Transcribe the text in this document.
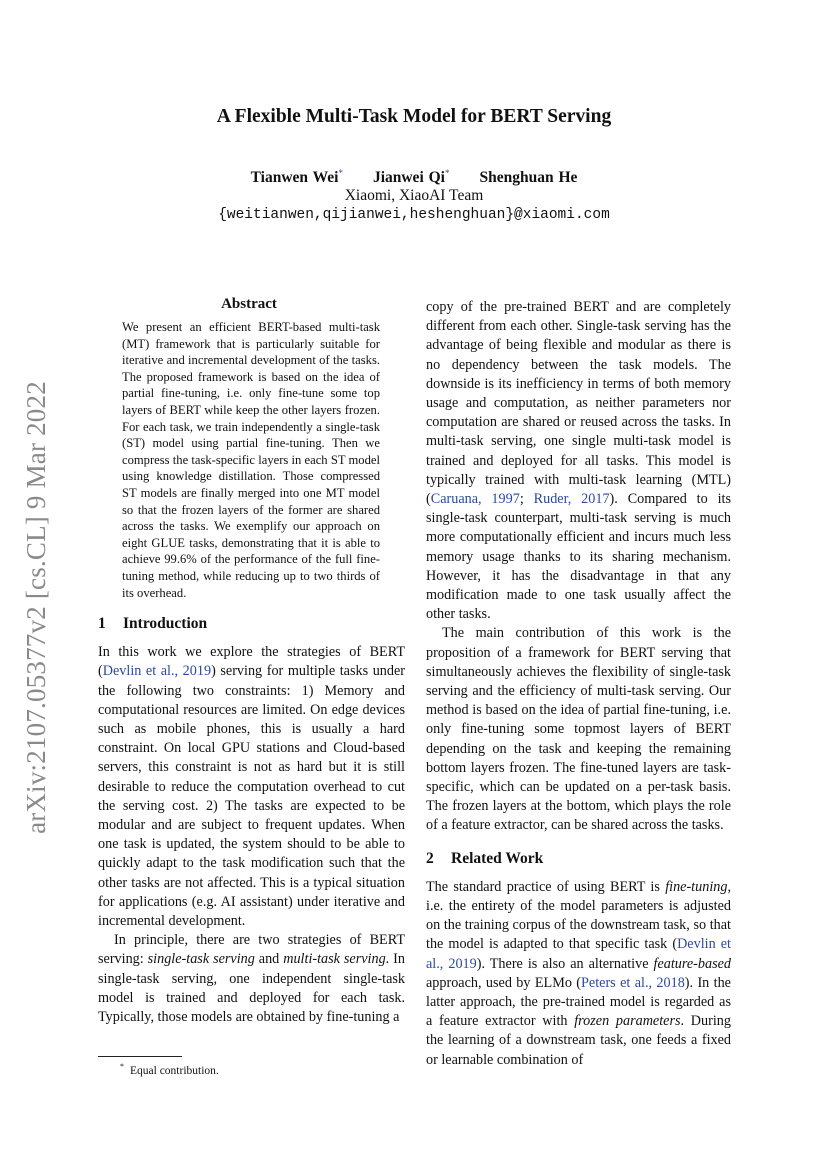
arXiv:2107.05377v2 [cs.CL] 9 Mar 2022
A Flexible Multi-Task Model for BERT Serving
Tianwen Wei* Jianwei Qi* Shenghuan He
Xiaomi, XiaoAI Team
{weitianwen,qijianwei,heshenghuan}@xiaomi.com
Abstract
We present an efficient BERT-based multi-task (MT) framework that is particularly suitable for iterative and incremental development of the tasks. The proposed framework is based on the idea of partial fine-tuning, i.e. only fine-tune some top layers of BERT while keep the other layers frozen. For each task, we train independently a single-task (ST) model using partial fine-tuning. Then we compress the task-specific layers in each ST model using knowledge distillation. Those compressed ST models are finally merged into one MT model so that the frozen layers of the former are shared across the tasks. We exemplify our approach on eight GLUE tasks, demonstrating that it is able to achieve 99.6% of the performance of the full fine-tuning method, while reducing up to two thirds of its overhead.
1 Introduction

In this work we explore the strategies of BERT (Devlin et al., 2019) serving for multiple tasks under the following two constraints: 1) Memory and computational resources are limited. On edge devices such as mobile phones, this is usually a hard constraint. On local GPU stations and Cloud-based servers, this constraint is not as hard but it is still desirable to reduce the computation overhead to cut the serving cost. 2) The tasks are expected to be modular and are subject to frequent updates. When one task is updated, the system should to be able to quickly adapt to the task modification such that the other tasks are not affected. This is a typical situation for applications (e.g. AI assistant) under iterative and incremental development.

In principle, there are two strategies of BERT serving: single-task serving and multi-task serving. In single-task serving, one independent single-task model is trained and deployed for each task. Typically, those models are obtained by fine-tuning a

copy of the pre-trained BERT and are completely different from each other. Single-task serving has the advantage of being flexible and modular as there is no dependency between the task models. The downside is its inefficiency in terms of both memory usage and computation, as neither parameters nor computation are shared or reused across the tasks. In multi-task serving, one single multi-task model is trained and deployed for all tasks. This model is typically trained with multi-task learning (MTL) (Caruana, 1997; Ruder, 2017). Compared to its single-task counterpart, multi-task serving is much more computationally efficient and incurs much less memory usage thanks to its sharing mechanism. However, it has the disadvantage in that any modification made to one task usually affect the other tasks.

The main contribution of this work is the proposition of a framework for BERT serving that simultaneously achieves the flexibility of single-task serving and the efficiency of multi-task serving. Our method is based on the idea of partial fine-tuning, i.e. only fine-tuning some topmost layers of BERT depending on the task and keeping the remaining bottom layers frozen. The fine-tuned layers are task-specific, which can be updated on a per-task basis. The frozen layers at the bottom, which plays the role of a feature extractor, can be shared across the tasks.

2 Related Work

The standard practice of using BERT is fine-tuning, i.e. the entirety of the model parameters is adjusted on the training corpus of the downstream task, so that the model is adapted to that specific task (Devlin et al., 2019). There is also an alternative feature-based approach, used by ELMo (Peters et al., 2018). In the latter approach, the pre-trained model is regarded as a feature extractor with frozen parameters. During the learning of a downstream task, one feeds a fixed or learnable combination of

* Equal contribution.
